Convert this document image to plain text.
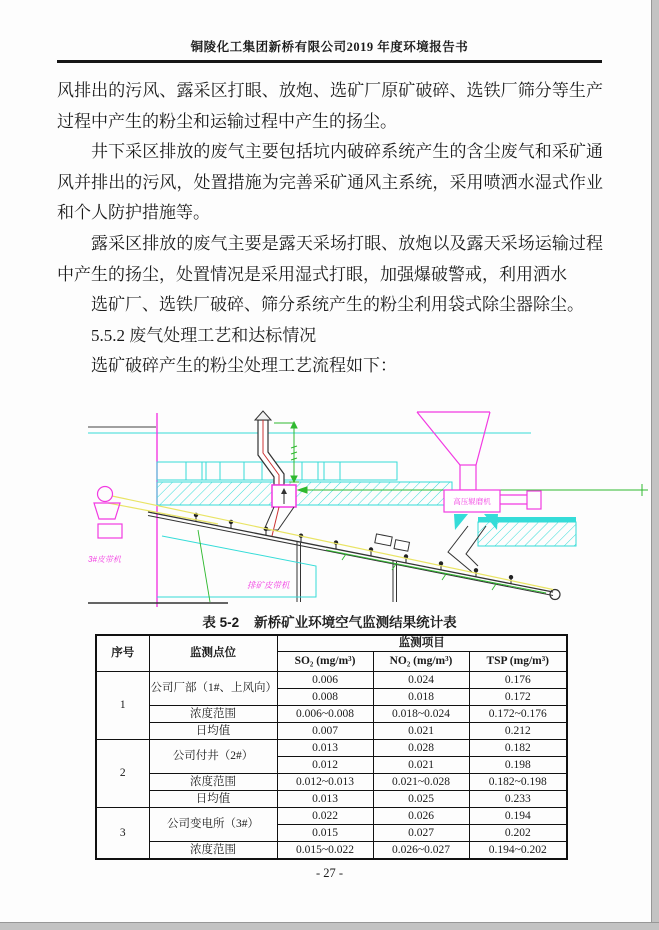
铜陵化工集团新桥有限公司2019 年度环境报告书

风排出的污风、露采区打眼、放炮、选矿厂原矿破碎、选铁厂筛分等生产过程中产生的粉尘和运输过程中产生的扬尘。

井下采区排放的废气主要包括坑内破碎系统产生的含尘废气和采矿通风并排出的污风，处置措施为完善采矿通风主系统，采用喷洒水湿式作业和个人防护措施等。

露采区排放的废气主要是露天采场打眼、放炮以及露天采场运输过程中产生的扬尘，处置情况是采用湿式打眼，加强爆破警戒，利用洒水

选矿厂、选铁厂破碎、筛分系统产生的粉尘利用袋式除尘器除尘。

5.5.2 废气处理工艺和达标情况

选矿破碎产生的粉尘处理工艺流程如下：

高压辊磨机
3#皮带机
排矿皮带机
表 5-2    新桥矿业环境空气监测结果统计表
序号	监测点位	监测项目		
		SO₂ (mg/m³)	NO₂ (mg/m³)	TSP (mg/m³)
1	公司厂部（1#、上风向）	0.006	0.024	0.176
		0.008	0.018	0.172
	浓度范围	0.006~0.008	0.018~0.024	0.172~0.176
	日均值	0.007	0.021	0.212
2	公司付井（2#）	0.013	0.028	0.182
		0.012	0.021	0.198
	浓度范围	0.012~0.013	0.021~0.028	0.182~0.198
	日均值	0.013	0.025	0.233
3	公司变电所（3#）	0.022	0.026	0.194
		0.015	0.027	0.202
	浓度范围	0.015~0.022	0.026~0.027	0.194~0.202
- 27 -
